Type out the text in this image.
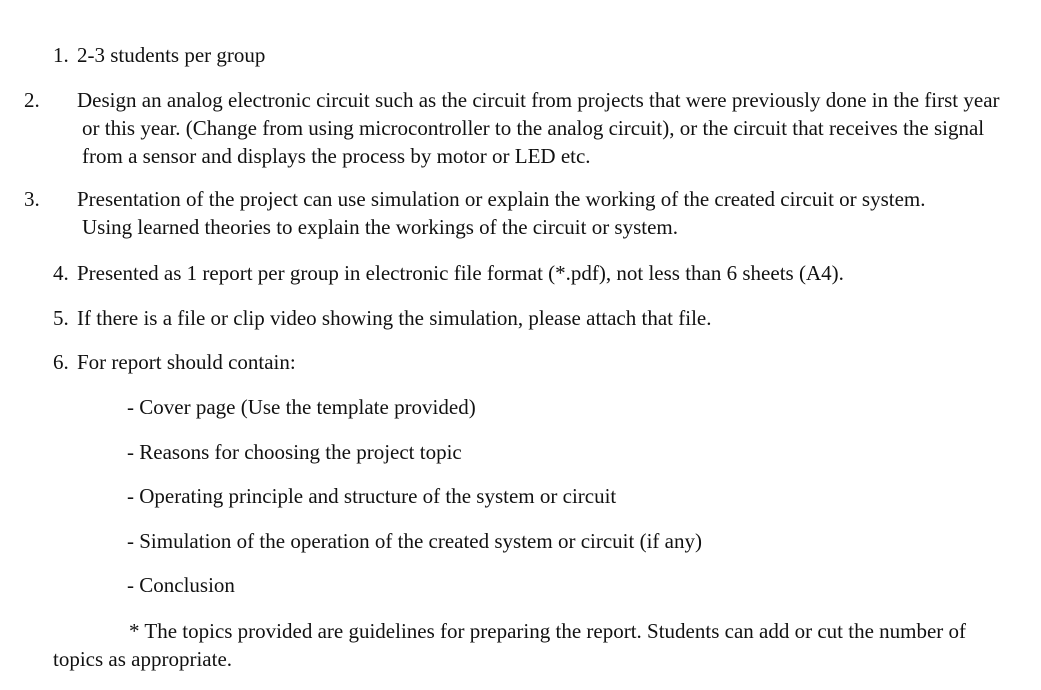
1. 2-3 students per group
2. Design an analog electronic circuit such as the circuit from projects that were previously done in the first year or this year. (Change from using microcontroller to the analog circuit), or the circuit that receives the signal from a sensor and displays the process by motor or LED etc.
3. Presentation of the project can use simulation or explain the working of the created circuit or system. Using learned theories to explain the workings of the circuit or system.
4. Presented as 1 report per group in electronic file format (*.pdf), not less than 6 sheets (A4).
5. If there is a file or clip video showing the simulation, please attach that file.
6. For report should contain:
- Cover page (Use the template provided)
- Reasons for choosing the project topic
- Operating principle and structure of the system or circuit
- Simulation of the operation of the created system or circuit (if any)
- Conclusion
* The topics provided are guidelines for preparing the report. Students can add or cut the number of topics as appropriate.
